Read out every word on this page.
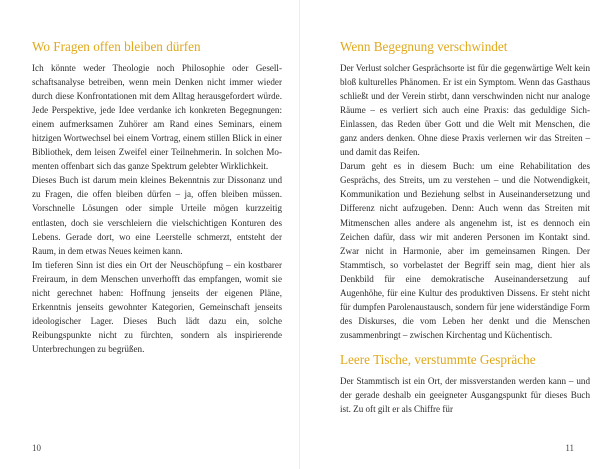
Wo Fragen offen bleiben dürfen

Ich könnte weder Theologie noch Philosophie oder Gesellschaftsanalyse betreiben, wenn mein Denken nicht immer wieder durch diese Konfrontationen mit dem Alltag herausgefordert würde. Jede Perspektive, jede Idee verdanke ich konkreten Begegnungen: einem aufmerksamen Zuhörer am Rand eines Seminars, einem hitzigen Wortwechsel bei einem Vortrag, einem stillen Blick in einer Bibliothek, dem leisen Zweifel einer Teilnehmerin. In solchen Momenten offenbart sich das ganze Spektrum gelebter Wirklichkeit.

Dieses Buch ist darum mein kleines Bekenntnis zur Dissonanz und zu Fragen, die offen bleiben dürfen – ja, offen bleiben müssen. Vorschnelle Lösungen oder simple Urteile mögen kurzzeitig entlasten, doch sie verschleiern die vielschichtigen Konturen des Lebens. Gerade dort, wo eine Leerstelle schmerzt, entsteht der Raum, in dem etwas Neues keimen kann.

Im tieferen Sinn ist dies ein Ort der Neuschöpfung – ein kostbarer Freiraum, in dem Menschen unverhofft das empfangen, womit sie nicht gerechnet haben: Hoffnung jenseits der eigenen Pläne, Erkenntnis jenseits gewohnter Kategorien, Gemeinschaft jenseits ideologischer Lager. Dieses Buch lädt dazu ein, solche Reibungspunkte nicht zu fürchten, sondern als inspirierende Unterbrechungen zu begrüßen.

10
Wenn Begegnung verschwindet

Der Verlust solcher Gesprächsorte ist für die gegenwärtige Welt kein bloß kulturelles Phänomen. Er ist ein Symptom. Wenn das Gasthaus schließt und der Verein stirbt, dann verschwinden nicht nur analoge Räume – es verliert sich auch eine Praxis: das geduldige Sich-Einlassen, das Reden über Gott und die Welt mit Menschen, die ganz anders denken. Ohne diese Praxis verlernen wir das Streiten – und damit das Reifen.

Darum geht es in diesem Buch: um eine Rehabilitation des Gesprächs, des Streits, um zu verstehen – und die Notwendigkeit, Kommunikation und Beziehung selbst in Auseinandersetzung und Differenz nicht aufzugeben. Denn: Auch wenn das Streiten mit Mitmenschen alles andere als angenehm ist, ist es dennoch ein Zeichen dafür, dass wir mit anderen Personen im Kontakt sind. Zwar nicht in Harmonie, aber im gemeinsamen Ringen. Der Stammtisch, so vorbelastet der Begriff sein mag, dient hier als Denkbild für eine demokratische Auseinandersetzung auf Augenhöhe, für eine Kultur des produktiven Dissens. Er steht nicht für dumpfen Parolenaustausch, sondern für jene widerständige Form des Diskurses, die vom Leben her denkt und die Menschen zusammenbringt – zwischen Kirchentag und Küchentisch.

Leere Tische, verstummte Gespräche

Der Stammtisch ist ein Ort, der missverstanden werden kann – und der gerade deshalb ein geeigneter Ausgangspunkt für dieses Buch ist. Zu oft gilt er als Chiffre für

11
